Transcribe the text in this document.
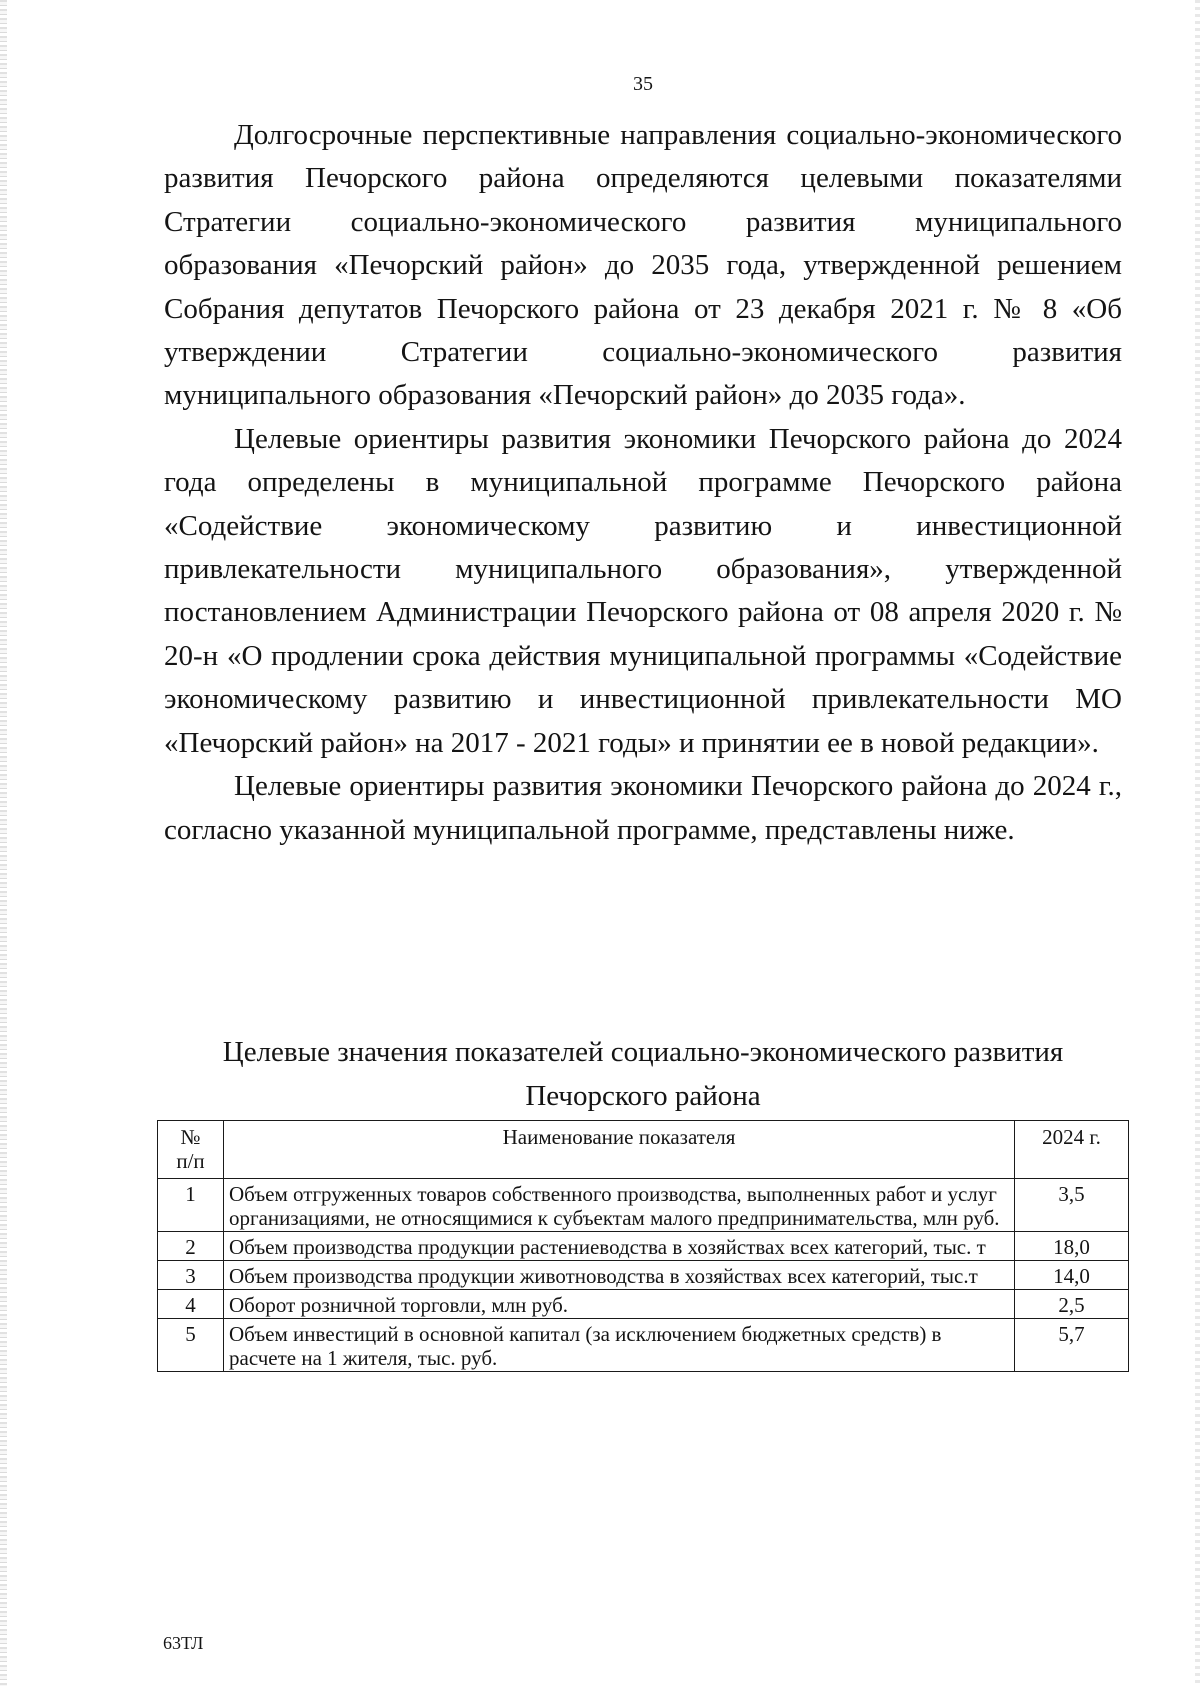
35

Долгосрочные перспективные направления социально-экономического развития Печорского района определяются целевыми показателями Стратегии социально-экономического развития муниципального образования «Печорский район» до 2035 года, утвержденной решением Собрания депутатов Печорского района от 23 декабря 2021 г. № 8 «Об утверждении Стратегии социально-экономического развития муниципального образования «Печорский район» до 2035 года».

Целевые ориентиры развития экономики Печорского района до 2024 года определены в муниципальной программе Печорского района «Содействие экономическому развитию и инвестиционной привлекательности муниципального образования», утвержденной постановлением Администрации Печорского района от 08 апреля 2020 г. № 20-н «О продлении срока действия муниципальной программы «Содействие экономическому развитию и инвестиционной привлекательности МО «Печорский район» на 2017 - 2021 годы» и принятии ее в новой редакции».

Целевые ориентиры развития экономики Печорского района до 2024 г., согласно указанной муниципальной программе, представлены ниже.

Целевые значения показателей социально-экономического развития
Печорского района
№
п/п	Наименование показателя	2024 г.
1	Объем отгруженных товаров собственного производства, выполненных работ и услуг организациями, не относящимися к субъектам малого предпринимательства, млн руб.	3,5
2	Объем производства продукции растениеводства в хозяйствах всех категорий, тыс. т	18,0
3	Объем производства продукции животноводства в хозяйствах всех категорий, тыс.т	14,0
4	Оборот розничной торговли, млн руб.	2,5
5	Объем инвестиций в основной капитал (за исключением бюджетных средств) в расчете на 1 жителя, тыс. руб.	5,7
63ТЛ
